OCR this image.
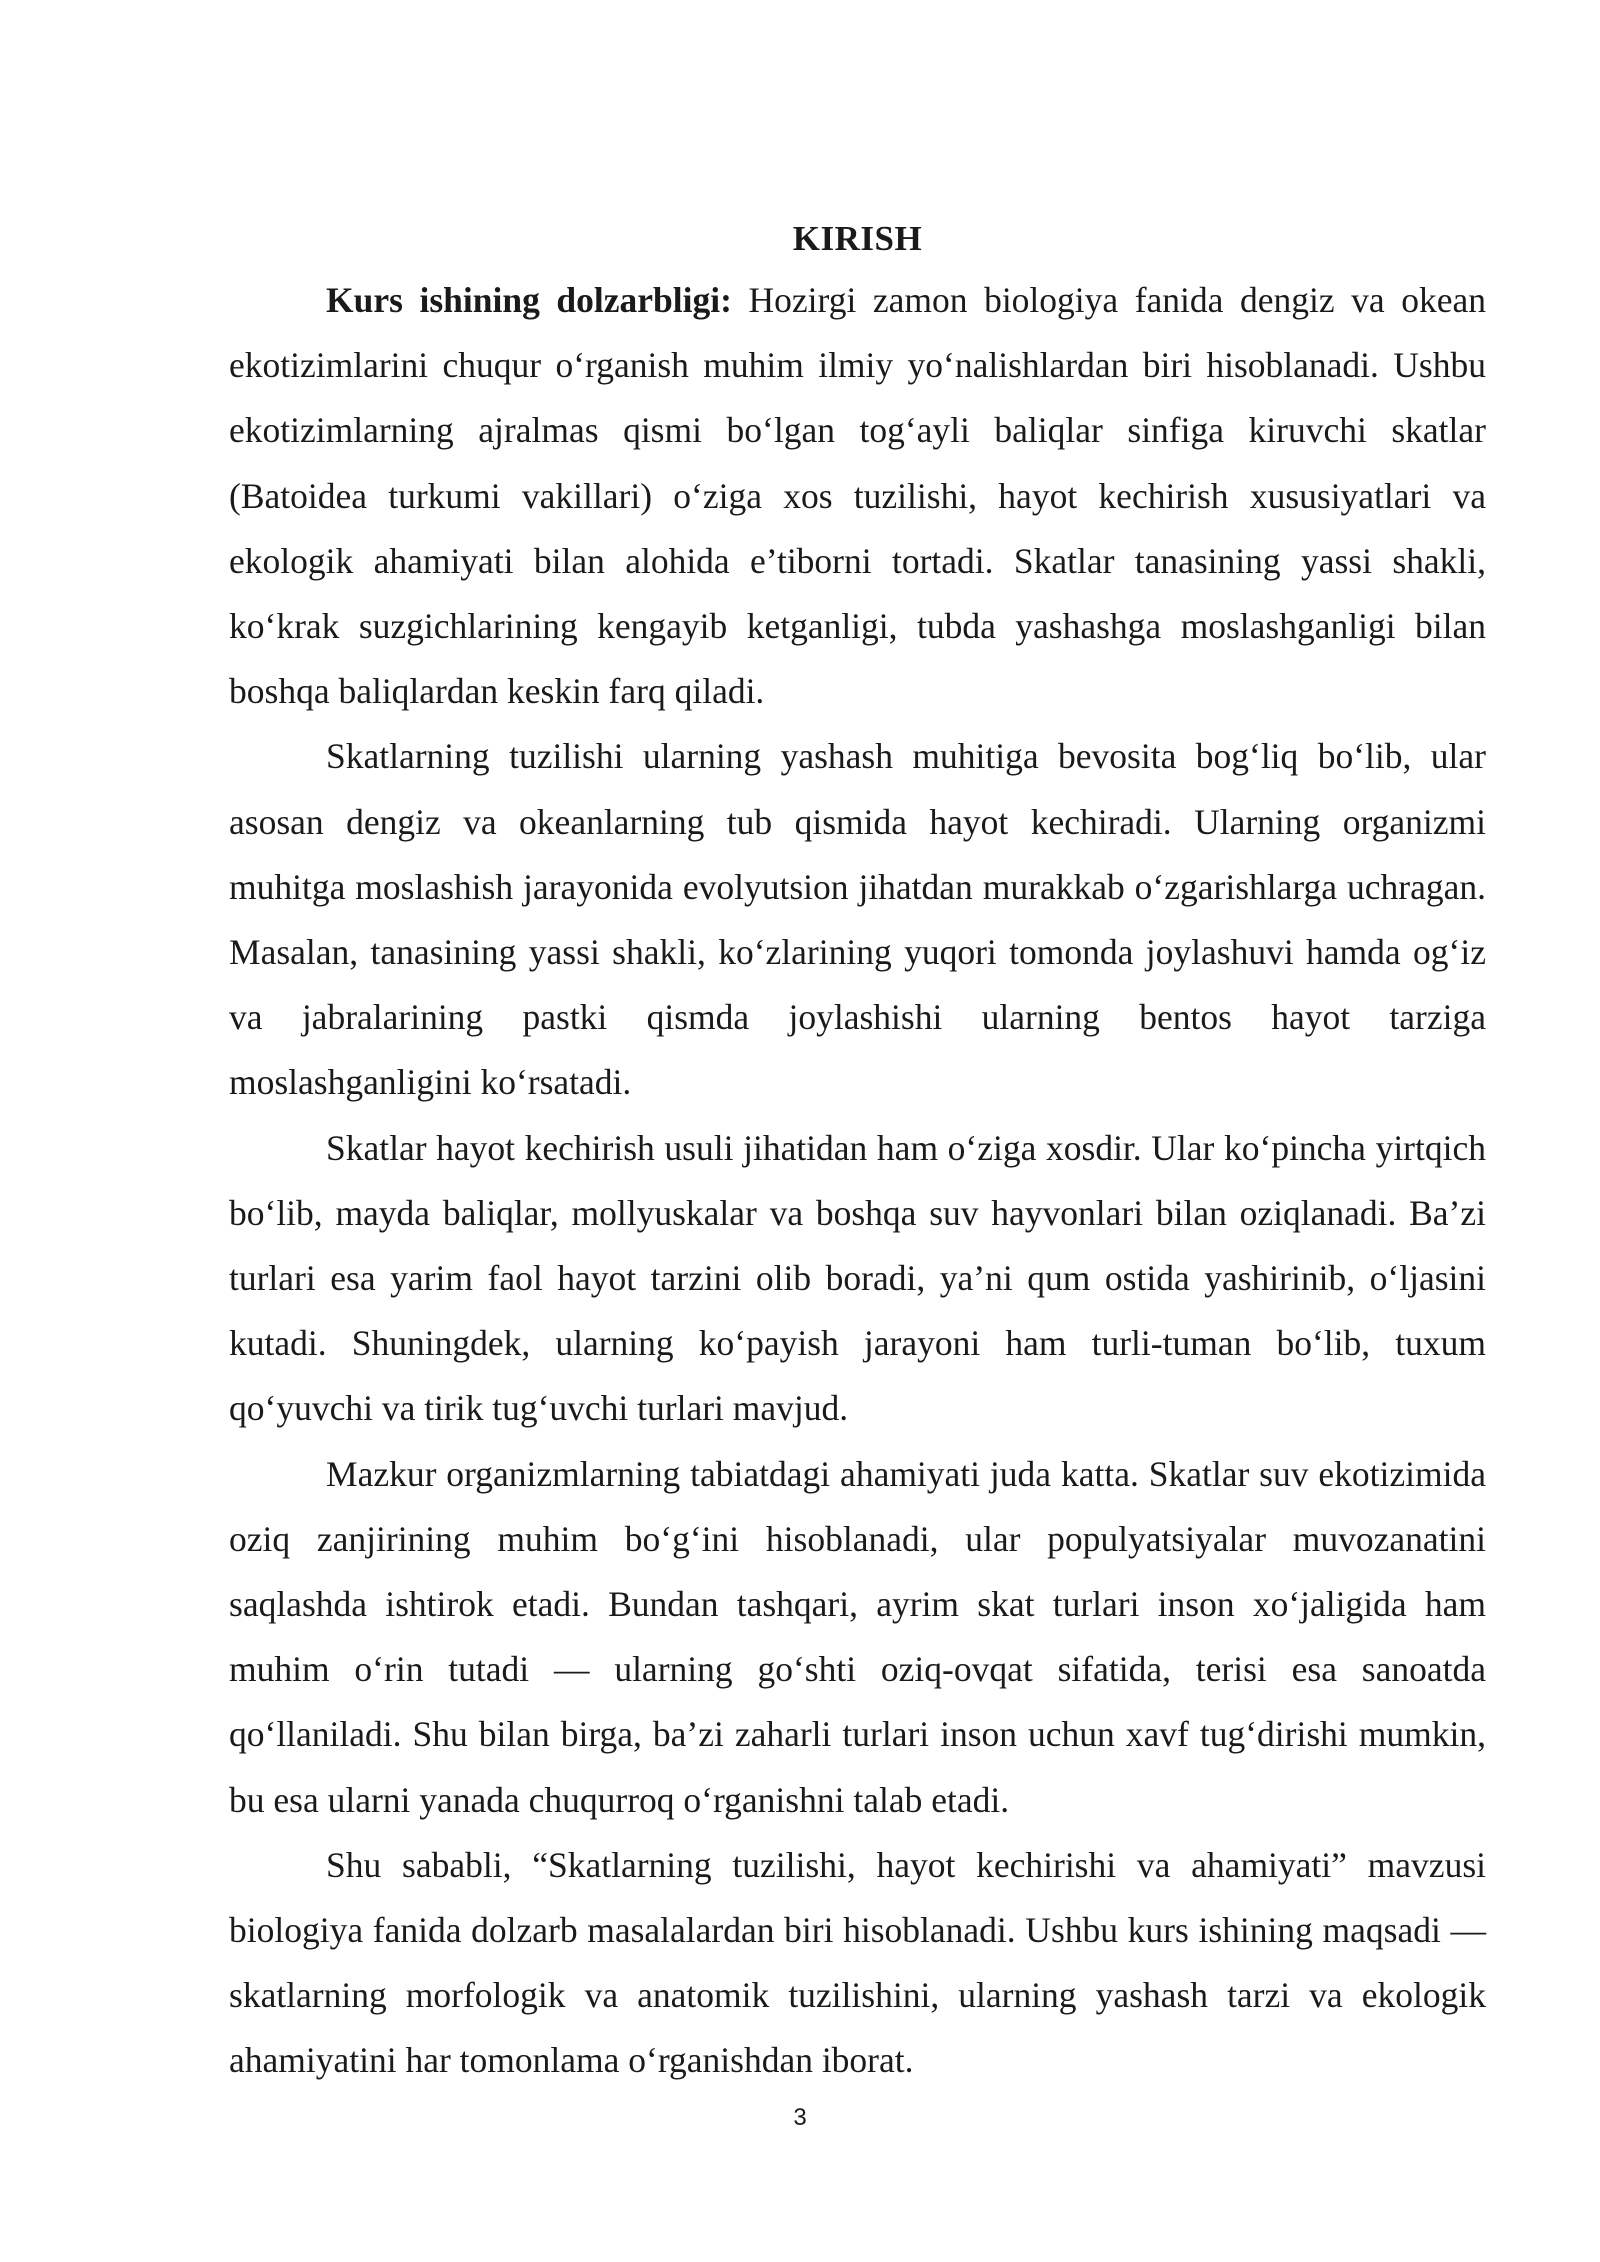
KIRISH

Kurs ishining dolzarbligi: Hozirgi zamon biologiya fanida dengiz va okean ekotizimlarini chuqur o‘rganish muhim ilmiy yo‘nalishlardan biri hisoblanadi. Ushbu ekotizimlarning ajralmas qismi bo‘lgan tog‘ayli baliqlar sinfiga kiruvchi skatlar (Batoidea turkumi vakillari) o‘ziga xos tuzilishi, hayot kechirish xususiyatlari va ekologik ahamiyati bilan alohida e’tiborni tortadi. Skatlar tanasining yassi shakli, ko‘krak suzgichlarining kengayib ketganligi, tubda yashashga moslashganligi bilan boshqa baliqlardan keskin farq qiladi.

Skatlarning tuzilishi ularning yashash muhitiga bevosita bog‘liq bo‘lib, ular asosan dengiz va okeanlarning tub qismida hayot kechiradi. Ularning organizmi muhitga moslashish jarayonida evolyutsion jihatdan murakkab o‘zgarishlarga uchragan. Masalan, tanasining yassi shakli, ko‘zlarining yuqori tomonda joylashuvi hamda og‘iz va jabralarining pastki qismda joylashishi ularning bentos hayot tarziga moslashganligini ko‘rsatadi.

Skatlar hayot kechirish usuli jihatidan ham o‘ziga xosdir. Ular ko‘pincha yirtqich bo‘lib, mayda baliqlar, mollyuskalar va boshqa suv hayvonlari bilan oziqlanadi. Ba’zi turlari esa yarim faol hayot tarzini olib boradi, ya’ni qum ostida yashirinib, o‘ljasini kutadi. Shuningdek, ularning ko‘payish jarayoni ham turli-tuman bo‘lib, tuxum qo‘yuvchi va tirik tug‘uvchi turlari mavjud.

Mazkur organizmlarning tabiatdagi ahamiyati juda katta. Skatlar suv ekotizimida oziq zanjirining muhim bo‘g‘ini hisoblanadi, ular populyatsiyalar muvozanatini saqlashda ishtirok etadi. Bundan tashqari, ayrim skat turlari inson xo‘jaligida ham muhim o‘rin tutadi — ularning go‘shti oziq-ovqat sifatida, terisi esa sanoatda qo‘llaniladi. Shu bilan birga, ba’zi zaharli turlari inson uchun xavf tug‘dirishi mumkin, bu esa ularni yanada chuqurroq o‘rganishni talab etadi.

Shu sababli, “Skatlarning tuzilishi, hayot kechirishi va ahamiyati” mavzusi biologiya fanida dolzarb masalalardan biri hisoblanadi. Ushbu kurs ishining maqsadi — skatlarning morfologik va anatomik tuzilishini, ularning yashash tarzi va ekologik ahamiyatini har tomonlama o‘rganishdan iborat.

3
